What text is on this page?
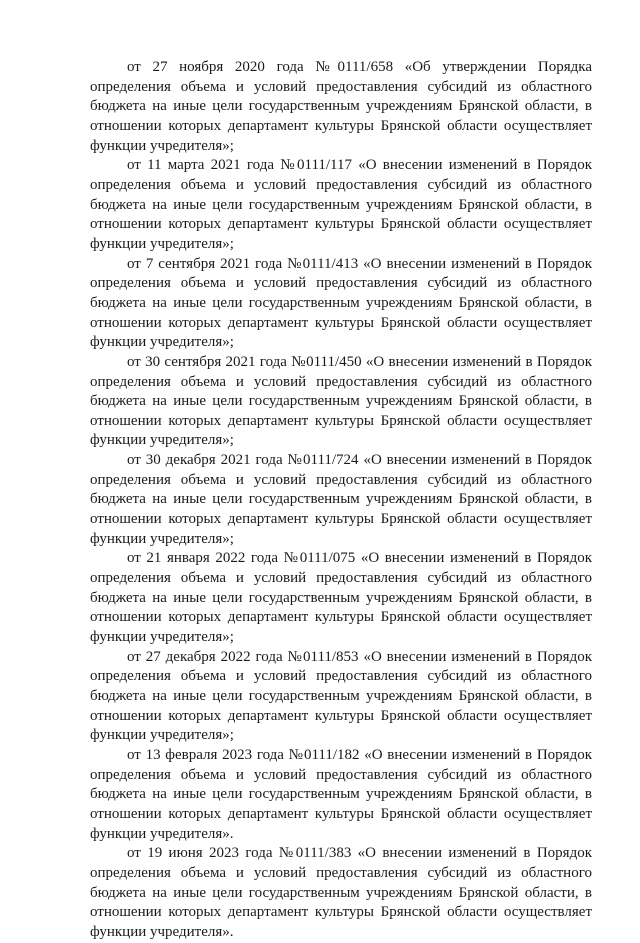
от 27 ноября 2020 года №0111/658 «Об утверждении Порядка определения объема и условий предоставления субсидий из областного бюджета на иные цели государственным учреждениям Брянской области, в отношении которых департамент культуры Брянской области осуществляет функции учредителя»;

от 11 марта 2021 года №0111/117 «О внесении изменений в Порядок определения объема и условий предоставления субсидий из областного бюджета на иные цели государственным учреждениям Брянской области, в отношении которых департамент культуры Брянской области осуществляет функции учредителя»;

от 7 сентября 2021 года №0111/413 «О внесении изменений в Порядок определения объема и условий предоставления субсидий из областного бюджета на иные цели государственным учреждениям Брянской области, в отношении которых департамент культуры Брянской области осуществляет функции учредителя»;

от 30 сентября 2021 года №0111/450 «О внесении изменений в Порядок определения объема и условий предоставления субсидий из областного бюджета на иные цели государственным учреждениям Брянской области, в отношении которых департамент культуры Брянской области осуществляет функции учредителя»;

от 30 декабря 2021 года №0111/724 «О внесении изменений в Порядок определения объема и условий предоставления субсидий из областного бюджета на иные цели государственным учреждениям Брянской области, в отношении которых департамент культуры Брянской области осуществляет функции учредителя»;

от 21 января 2022 года №0111/075 «О внесении изменений в Порядок определения объема и условий предоставления субсидий из областного бюджета на иные цели государственным учреждениям Брянской области, в отношении которых департамент культуры Брянской области осуществляет функции учредителя»;

от 27 декабря 2022 года №0111/853 «О внесении изменений в Порядок определения объема и условий предоставления субсидий из областного бюджета на иные цели государственным учреждениям Брянской области, в отношении которых департамент культуры Брянской области осуществляет функции учредителя»;

от 13 февраля 2023 года №0111/182 «О внесении изменений в Порядок определения объема и условий предоставления субсидий из областного бюджета на иные цели государственным учреждениям Брянской области, в отношении которых департамент культуры Брянской области осуществляет функции учредителя».

от 19 июня 2023 года №0111/383 «О внесении изменений в Порядок определения объема и условий предоставления субсидий из областного бюджета на иные цели государственным учреждениям Брянской области, в отношении которых департамент культуры Брянской области осуществляет функции учредителя».
